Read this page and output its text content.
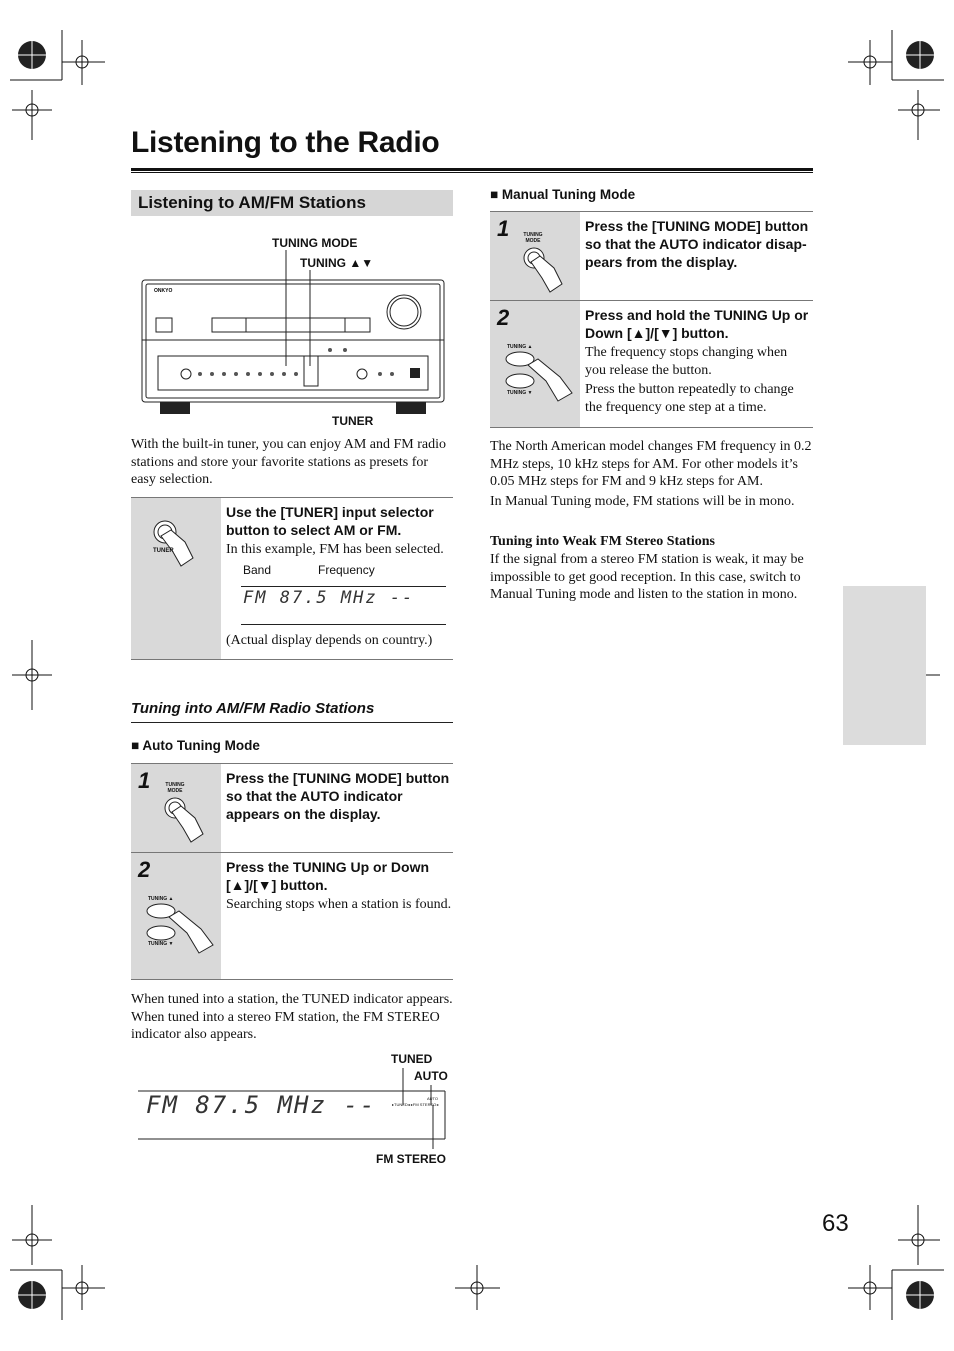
Listening to the Radio
63
Listening to AM/FM Stations
TUNING MODE
TUNING ▲▼
TUNER
ONKYO
With the built-in tuner, you can enjoy AM and FM radio stations and store your favorite stations as presets for easy selection.
TUNER
Use the [TUNER] input selector button to select AM or FM.
In this example, FM has been selected.
Band	Frequency
FM 87.5 MHz --
(Actual display depends on country.)
Tuning into AM/FM Radio Stations
■ Auto Tuning Mode
1	TUNING MODE
Press the [TUNING MODE] button so that the AUTO indicator appears on the display.
2
TUNING ▲
TUNING ▼
Press the TUNING Up or Down [▲]/[▼] button.
Searching stops when a station is found.
When tuned into a station, the TUNED indicator appears. When tuned into a stereo FM station, the FM STEREO indicator also appears.
TUNED
AUTO
FM STEREO
FM 87.5 MHz --	AUTO
▸TUNED◂ ▸FM STEREO◂
■ Manual Tuning Mode
1	TUNING MODE
Press the [TUNING MODE] button so that the AUTO indicator disap-pears from the display.
2
TUNING ▲
TUNING ▼
Press and hold the TUNING Up or Down [▲]/[▼] button.
The frequency stops changing when you release the button.
Press the button repeatedly to change the frequency one step at a time.
The North American model changes FM frequency in 0.2 MHz steps, 10 kHz steps for AM. For other models it’s 0.05 MHz steps for FM and 9 kHz steps for AM.
In Manual Tuning mode, FM stations will be in mono.
Tuning into Weak FM Stereo Stations
If the signal from a stereo FM station is weak, it may be impossible to get good reception. In this case, switch to Manual Tuning mode and listen to the station in mono.
